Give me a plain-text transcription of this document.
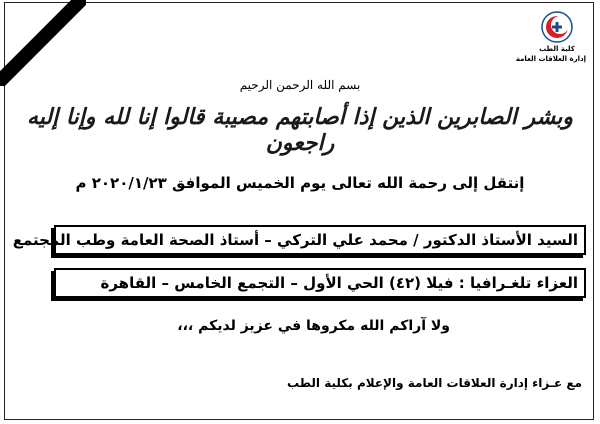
كلية الطب
إدارة العلاقات العامة
بسم الله الرحمن الرحيم
وبشر الصابرين الذين إذا أصابتهم مصيبة قالوا إنا لله وإنا إليه راجعون
إنتقل إلى رحمة الله تعالى يوم الخميس الموافق ٢٠٢٠/١/٢٣ م
السيد الأستاذ الدكتور / محمد علي التركي – أستاذ الصحة العامة وطب المجتمع
العزاء تلغـرافيا : فيلا (٤٢) الحي الأول – التجمع الخامس – القاهرة
ولا آراكم الله مكروها في عزيز لديكم ،،،
مع عـزاء إدارة العلاقات العامة والإعلام بكلية الطب
